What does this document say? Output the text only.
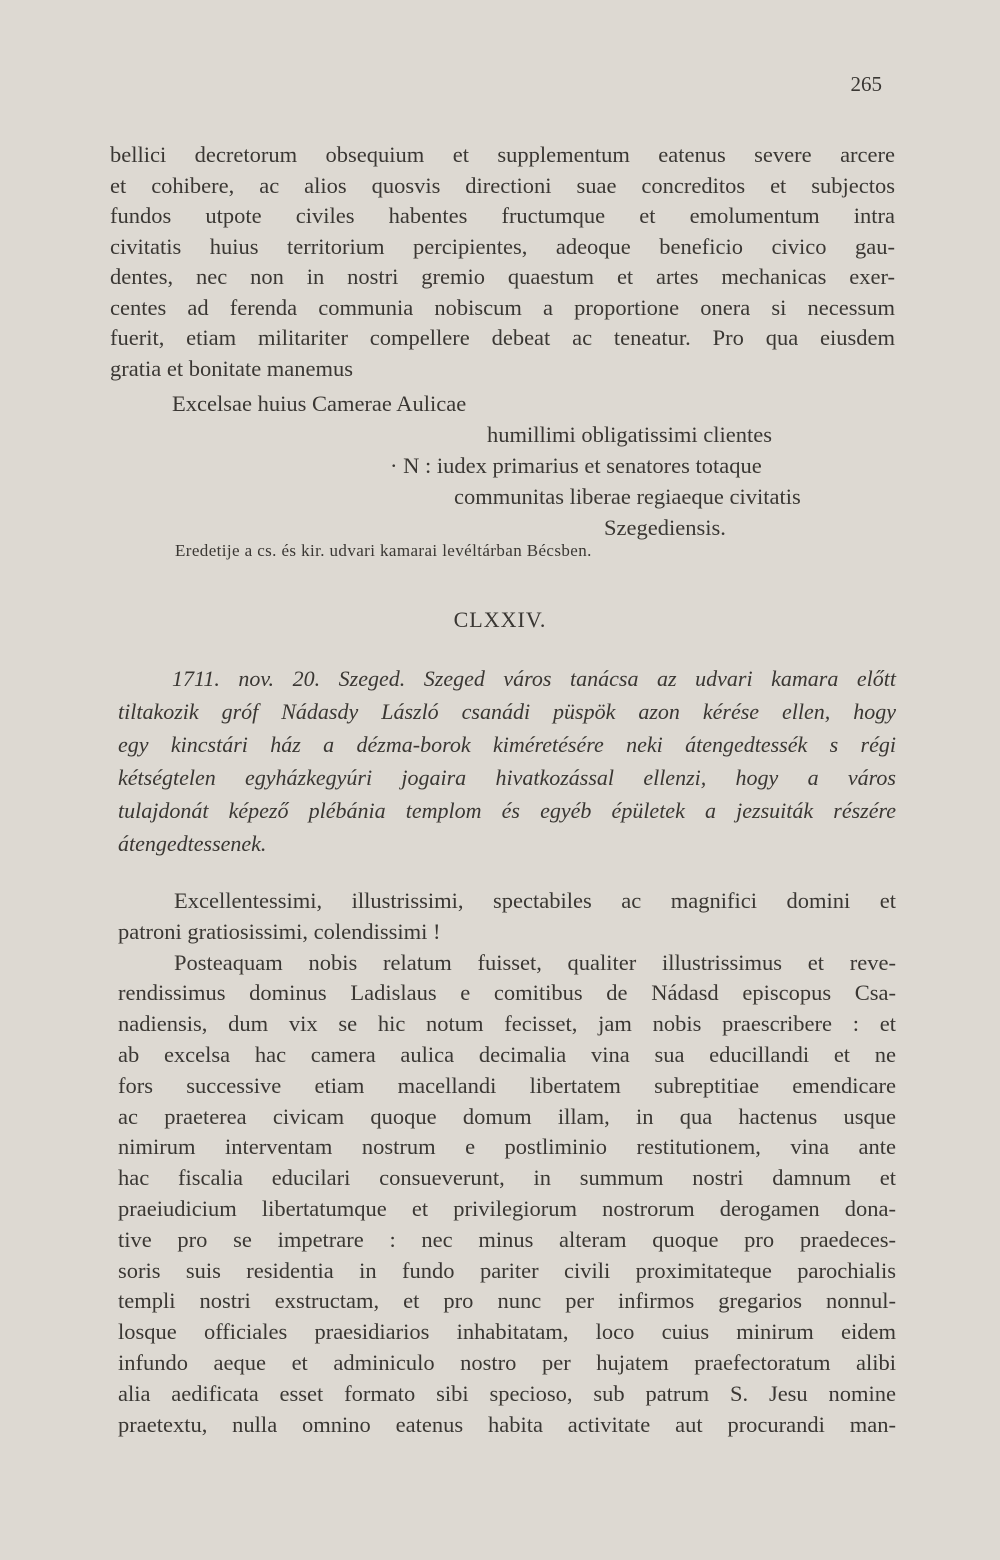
265
bellici decretorum obsequium et supplementum eatenus severe arcere
et cohibere, ac alios quosvis directioni suae concreditos et subjectos
fundos utpote civiles habentes fructumque et emolumentum intra
civitatis huius territorium percipientes, adeoque beneficio civico gau-
dentes, nec non in nostri gremio quaestum et artes mechanicas exer-
centes ad ferenda communia nobiscum a proportione onera si necessum
fuerit, etiam militariter compellere debeat ac teneatur. Pro qua eiusdem
gratia et bonitate manemus
Excelsae huius Camerae Aulicae
humillimi obligatissimi clientes
· N : iudex primarius et senatores totaque
communitas liberae regiaeque civitatis
Szegediensis.
Eredetije a cs. és kir. udvari kamarai levéltárban Bécsben.
CLXXIV.
1711. nov. 20. Szeged. Szeged város tanácsa az udvari kamara előtt
tiltakozik gróf Nádasdy László csanádi püspök azon kérése ellen, hogy
egy kincstári ház a dézma-borok kiméretésére neki átengedtessék s régi
kétségtelen egyházkegyúri jogaira hivatkozással ellenzi, hogy a város
tulajdonát képező plébánia templom és egyéb épületek a jezsuiták részére
átengedtessenek.
Excellentessimi, illustrissimi, spectabiles ac magnifici domini et
patroni gratiosissimi, colendissimi !
Posteaquam nobis relatum fuisset, qualiter illustrissimus et reve-
rendissimus dominus Ladislaus e comitibus de Nádasd episcopus Csa-
nadiensis, dum vix se hic notum fecisset, jam nobis praescribere : et
ab excelsa hac camera aulica decimalia vina sua educillandi et ne
fors successive etiam macellandi libertatem subreptitiae emendicare
ac praeterea civicam quoque domum illam, in qua hactenus usque
nimirum interventam nostrum e postliminio restitutionem, vina ante
hac fiscalia educilari consueverunt, in summum nostri damnum et
praeiudicium libertatumque et privilegiorum nostrorum derogamen dona-
tive pro se impetrare : nec minus alteram quoque pro praedeces-
soris suis residentia in fundo pariter civili proximitateque parochialis
templi nostri exstructam, et pro nunc per infirmos gregarios nonnul-
losque officiales praesidiarios inhabitatam, loco cuius minirum eidem
infundo aeque et adminiculo nostro per hujatem praefectoratum alibi
alia aedificata esset formato sibi specioso, sub patrum S. Jesu nomine
praetextu, nulla omnino eatenus habita activitate aut procurandi man-
